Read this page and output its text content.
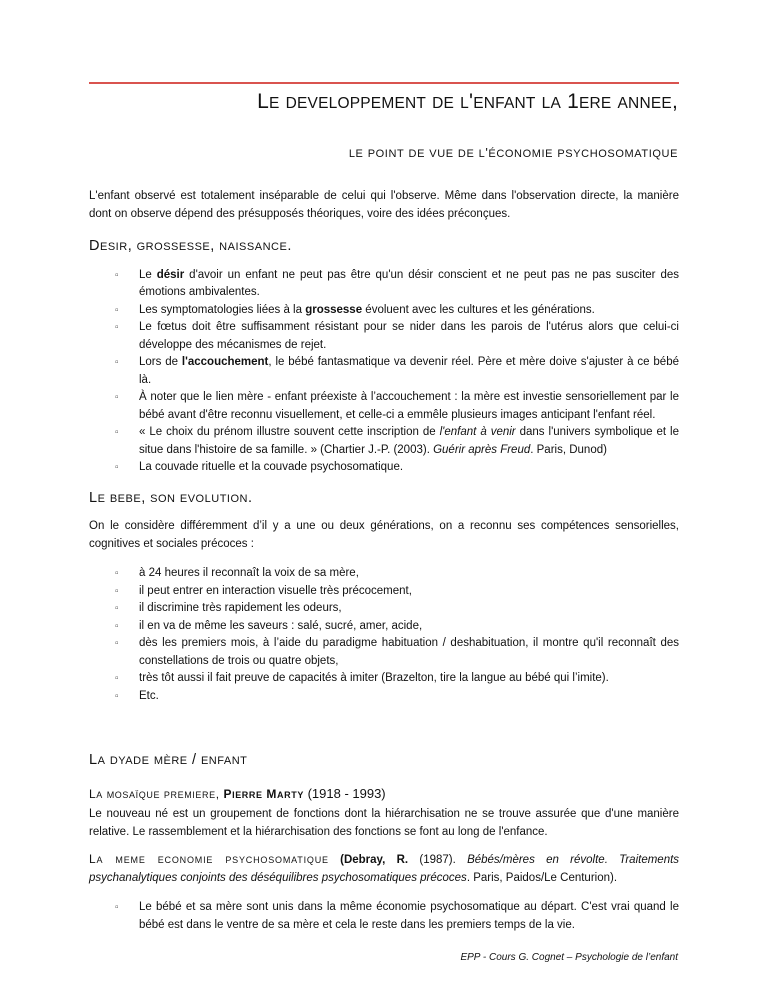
LE DEVELOPPEMENT DE L'ENFANT LA 1ERE ANNEE,
LE POINT DE VUE DE L'ÉCONOMIE PSYCHOSOMATIQUE

L'enfant observé est totalement inséparable de celui qui l'observe. Même dans l'observation directe, la manière dont on observe dépend des présupposés théoriques, voire des idées préconçues.

DESIR, GROSSESSE, NAISSANCE.
▫ Le désir d'avoir un enfant ne peut pas être qu'un désir conscient et ne peut pas ne pas susciter des émotions ambivalentes.
▫ Les symptomatologies liées à la grossesse évoluent avec les cultures et les générations.
▫ Le fœtus doit être suffisamment résistant pour se nider dans les parois de l'utérus alors que celui-ci développe des mécanismes de rejet.
▫ Lors de l'accouchement, le bébé fantasmatique va devenir réel. Père et mère doive s'ajuster à ce bébé là.
▫ À noter que le lien mère - enfant préexiste à l’accouchement : la mère est investie sensoriellement par le bébé avant d'être reconnu visuellement, et celle-ci a emmêle plusieurs images anticipant l'enfant réel.
▫ « Le choix du prénom illustre souvent cette inscription de l'enfant à venir dans l'univers symbolique et le situe dans l'histoire de sa famille. » (Chartier J.-P. (2003). Guérir après Freud. Paris, Dunod)
▫ La couvade rituelle et la couvade psychosomatique.
LE BEBE, SON EVOLUTION.

On le considère différemment d’il y a une ou deux générations, on a reconnu ses compétences sensorielles, cognitives et sociales précoces :

▫ à 24 heures il reconnaît la voix de sa mère,
▫ il peut entrer en interaction visuelle très précocement,
▫ il discrimine très rapidement les odeurs,
▫ il en va de même les saveurs : salé, sucré, amer, acide,
▫ dès les premiers mois, à l’aide du paradigme habituation / deshabituation, il montre qu'il reconnaît des constellations de trois ou quatre objets,
▫ très tôt aussi il fait preuve de capacités à imiter (Brazelton, tire la langue au bébé qui l’imite).
▫ Etc.
LA DYADE MÈRE / ENFANT
LA MOSAÏQUE PREMIERE, PIERRE MARTY (1918 - 1993)

Le nouveau né est un groupement de fonctions dont la hiérarchisation ne se trouve assurée que d'une manière relative. Le rassemblement et la hiérarchisation des fonctions se font au long de l'enfance.

LA MEME ECONOMIE PSYCHOSOMATIQUE (Debray, R. (1987). Bébés/mères en révolte. Traitements psychanalytiques conjoints des déséquilibres psychosomatiques précoces. Paris, Paidos/Le Centurion).

▫ Le bébé et sa mère sont unis dans la même économie psychosomatique au départ. C'est vrai quand le bébé est dans le ventre de sa mère et cela le reste dans les premiers temps de la vie.
EPP - Cours G. Cognet – Psychologie de l’enfant
